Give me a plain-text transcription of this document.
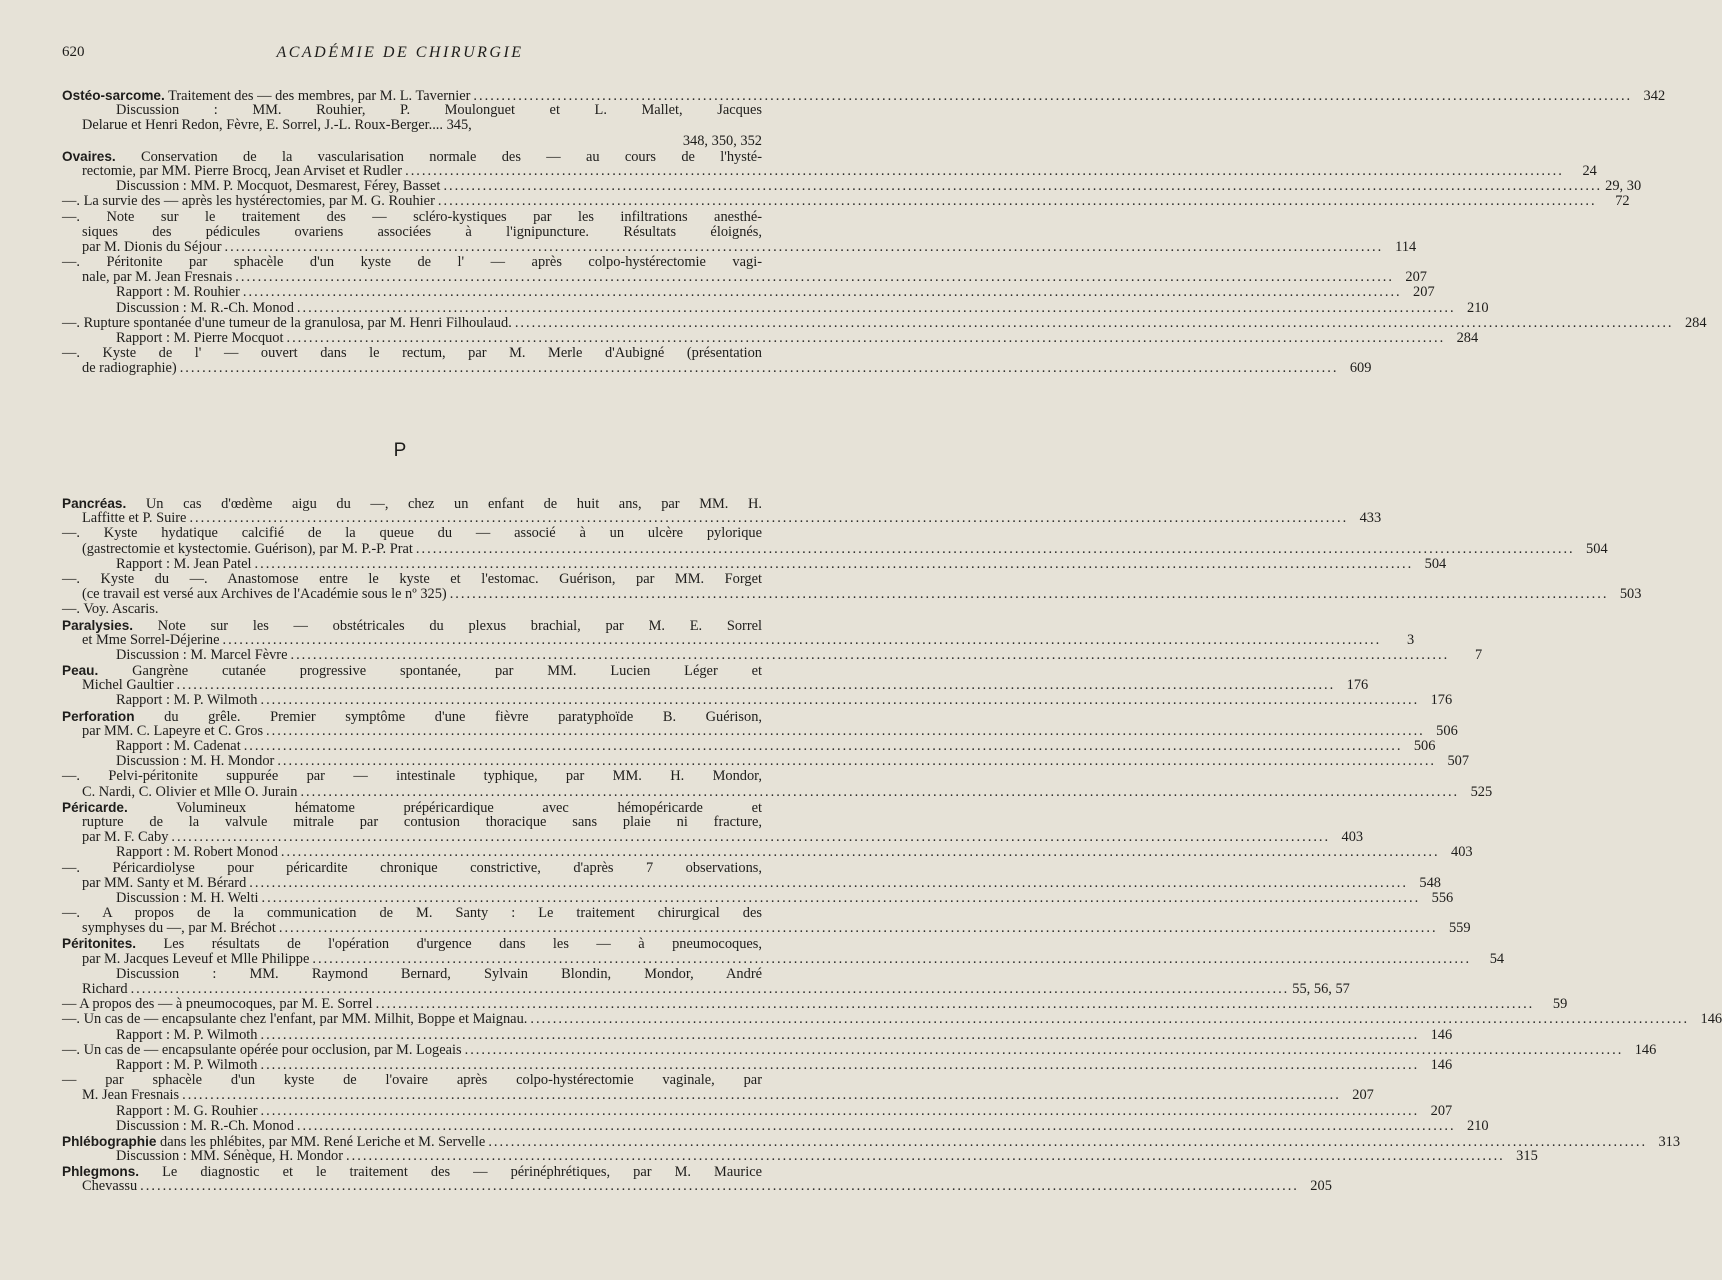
620	ACADÉMIE DE CHIRURGIE
Ostéo-sarcome. Traitement des — des membres, par M. L. Tavernier .....	342
Discussion : MM. Rouhier, P. Moulonguet et L. Mallet, Jacques
Delarue et Henri Redon, Fèvre, E. Sorrel, J.-L. Roux-Berger.... 345,
348, 350, 352
Ovaires. Conservation de la vascularisation normale des — au cours de l'hysté-
rectomie, par MM. Pierre Brocq, Jean Arviset et Rudler .....	24
Discussion : MM. P. Mocquot, Desmarest, Férey, Basset .....	29, 30
—. La survie des — après les hystérectomies, par M. G. Rouhier .....	72
—. Note sur le traitement des — scléro-kystiques par les infiltrations anesthé-
siques des pédicules ovariens associées à l'ignipuncture. Résultats éloignés,
par M. Dionis du Séjour .....	114
—. Péritonite par sphacèle d'un kyste de l' — après colpo-hystérectomie vagi-
nale, par M. Jean Fresnais .....	207
Rapport : M. Rouhier .....	207
Discussion : M. R.-Ch. Monod .....	210
—. Rupture spontanée d'une tumeur de la granulosa, par M. Henri Filhoulaud. .....	284
Rapport : M. Pierre Mocquot .....	284
—. Kyste de l' — ouvert dans le rectum, par M. Merle d'Aubigné (présentation
de radiographie) .....	609
P
Pancréas. Un cas d'œdème aigu du —, chez un enfant de huit ans, par MM. H.
Laffitte et P. Suire .....	433
—. Kyste hydatique calcifié de la queue du — associé à un ulcère pylorique
(gastrectomie et kystectomie. Guérison), par M. P.-P. Prat .....	504
Rapport : M. Jean Patel .....	504
—. Kyste du —. Anastomose entre le kyste et l'estomac. Guérison, par MM. Forget
(ce travail est versé aux Archives de l'Académie sous le nº 325) .....	503
—. Voy. Ascaris.
Paralysies. Note sur les — obstétricales du plexus brachial, par M. E. Sorrel
et Mme Sorrel-Déjerine .....	3
Discussion : M. Marcel Fèvre .....	7
Peau. Gangrène cutanée progressive spontanée, par MM. Lucien Léger et
Michel Gaultier .....	176
Rapport : M. P. Wilmoth .....	176
Perforation du grêle. Premier symptôme d'une fièvre paratyphoïde B. Guérison,
par MM. C. Lapeyre et C. Gros .....	506
Rapport : M. Cadenat .....	506
Discussion : M. H. Mondor .....	507
—. Pelvi-péritonite suppurée par — intestinale typhique, par MM. H. Mondor,
C. Nardi, C. Olivier et Mlle O. Jurain .....	525
Péricarde. Volumineux hématome prépéricardique avec hémopéricarde et
rupture de la valvule mitrale par contusion thoracique sans plaie ni fracture,
par M. F. Caby .....	403
Rapport : M. Robert Monod .....	403
—. Péricardiolyse pour péricardite chronique constrictive, d'après 7 observations,
par MM. Santy et M. Bérard .....	548
Discussion : M. H. Welti .....	556
—. A propos de la communication de M. Santy : Le traitement chirurgical des
symphyses du —, par M. Bréchot .....	559
Péritonites. Les résultats de l'opération d'urgence dans les — à pneumocoques,
par M. Jacques Leveuf et Mlle Philippe .....	54
Discussion : MM. Raymond Bernard, Sylvain Blondin, Mondor, André
Richard .....	55, 56, 57
— A propos des — à pneumocoques, par M. E. Sorrel .....	59
—. Un cas de — encapsulante chez l'enfant, par MM. Milhit, Boppe et Maignau. .....	146
Rapport : M. P. Wilmoth .....	146
—. Un cas de — encapsulante opérée pour occlusion, par M. Logeais .....	146
Rapport : M. P. Wilmoth .....	146
— par sphacèle d'un kyste de l'ovaire après colpo-hystérectomie vaginale, par
M. Jean Fresnais .....	207
Rapport : M. G. Rouhier .....	207
Discussion : M. R.-Ch. Monod .....	210
Phlébographie dans les phlébites, par MM. René Leriche et M. Servelle .....	313
Discussion : MM. Sénèque, H. Mondor .....	315
Phlegmons. Le diagnostic et le traitement des — périnéphrétiques, par M. Maurice
Chevassu .....	205
